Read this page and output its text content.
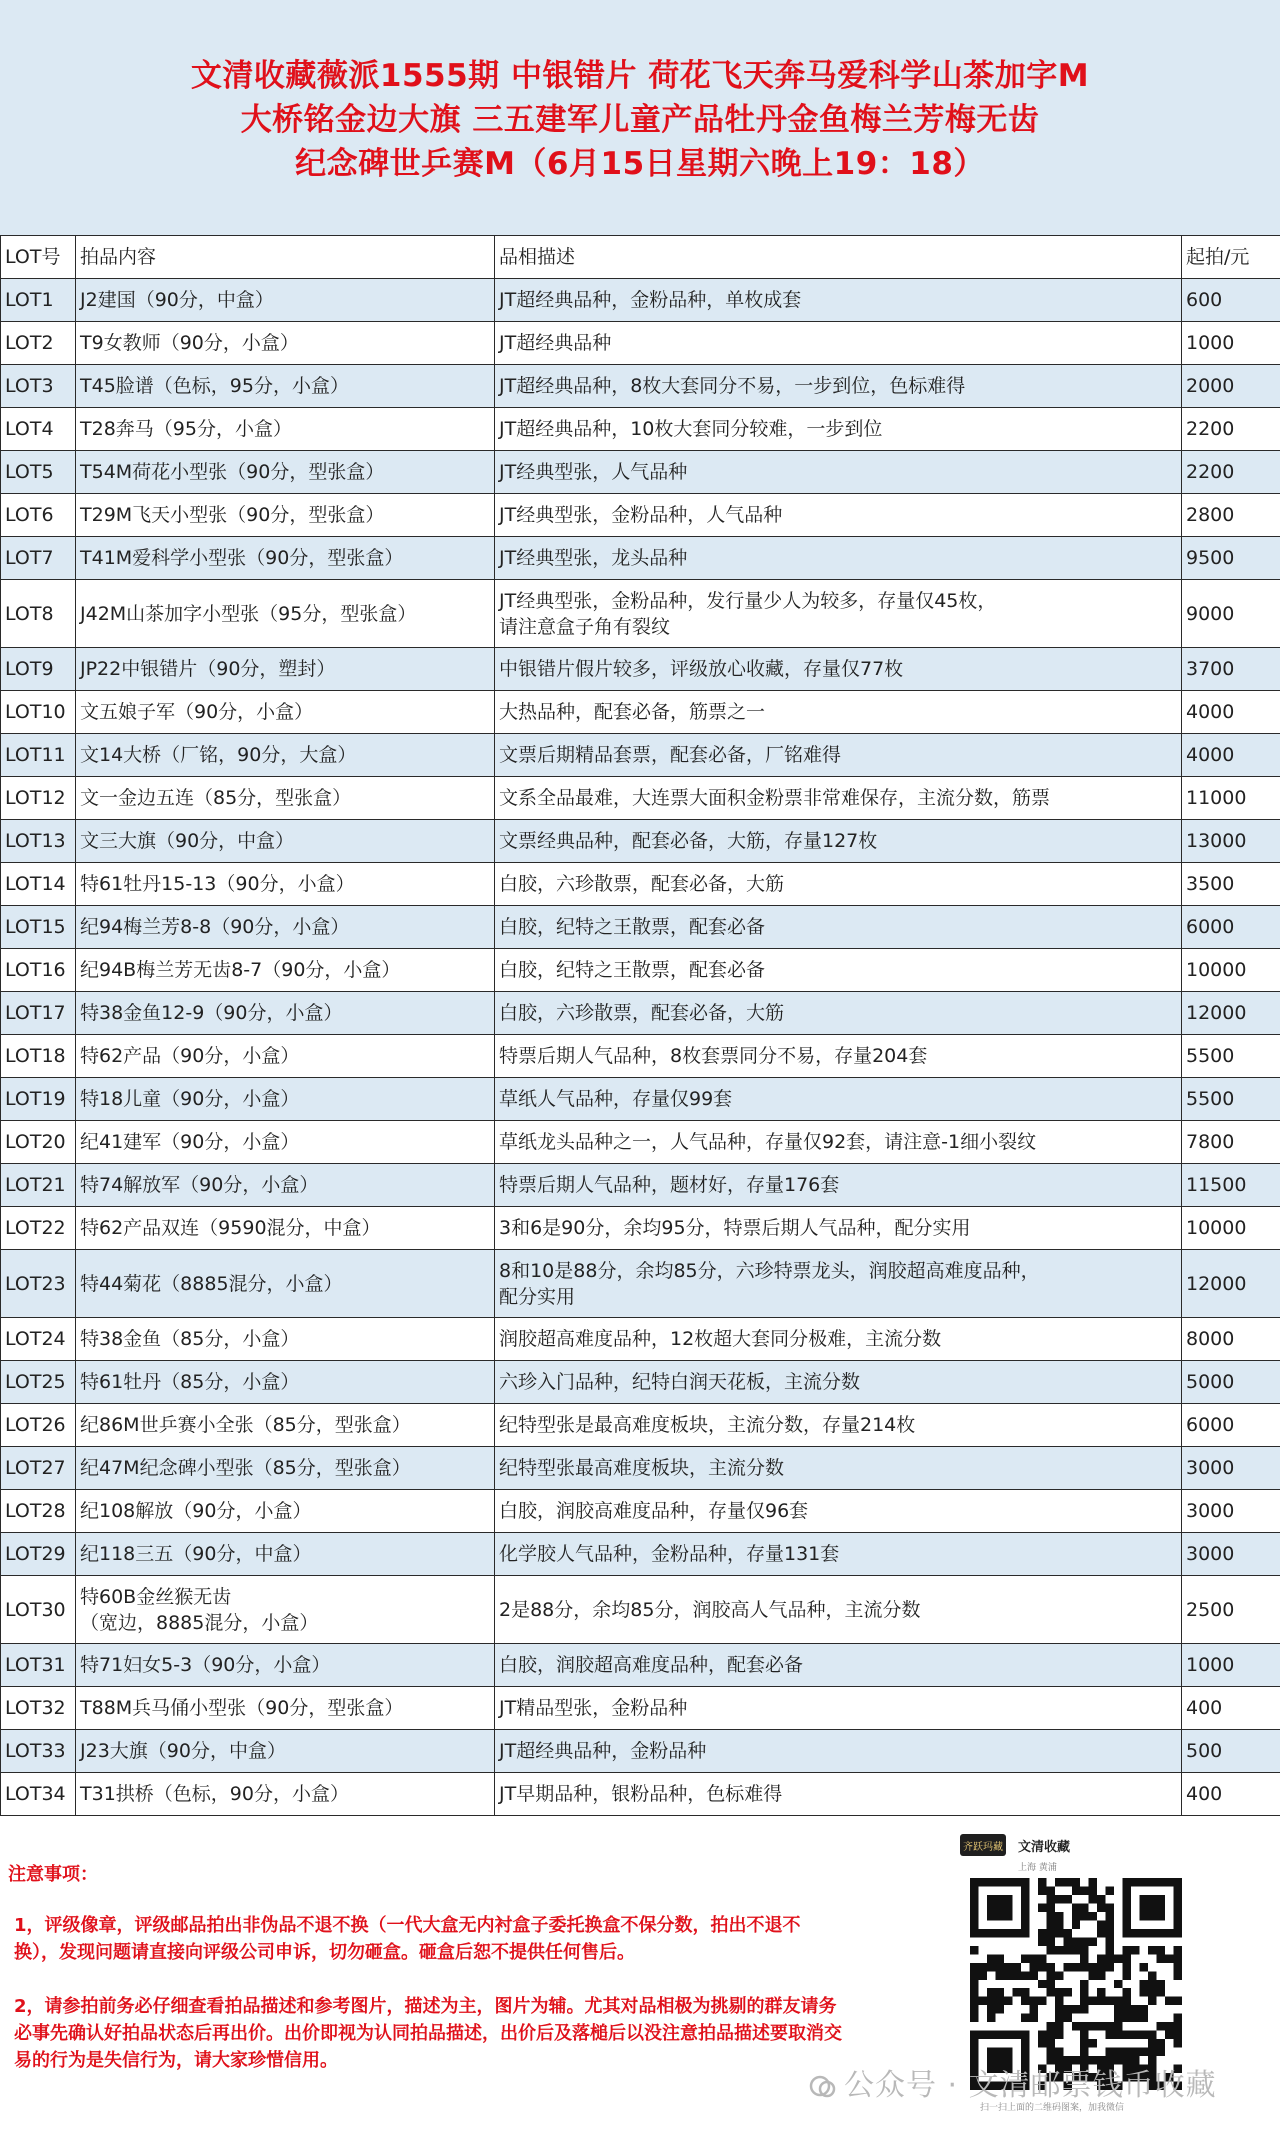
文清收藏薇派1555期 中银错片 荷花飞天奔马爱科学山茶加字M
大桥铭金边大旗 三五建军儿童产品牡丹金鱼梅兰芳梅无齿
纪念碑世乒赛M（6月15日星期六晚上19：18）
LOT号	拍品内容	品相描述	起拍/元
LOT1	J2建国（90分，中盒）	JT超经典品种，金粉品种，单枚成套	600
LOT2	T9女教师（90分，小盒）	JT超经典品种	1000
LOT3	T45脸谱（色标，95分，小盒）	JT超经典品种，8枚大套同分不易，一步到位，色标难得	2000
LOT4	T28奔马（95分，小盒）	JT超经典品种，10枚大套同分较难，一步到位	2200
LOT5	T54M荷花小型张（90分，型张盒）	JT经典型张，人气品种	2200
LOT6	T29M飞天小型张（90分，型张盒）	JT经典型张，金粉品种，人气品种	2800
LOT7	T41M爱科学小型张（90分，型张盒）	JT经典型张，龙头品种	9500
LOT8	J42M山茶加字小型张（95分，型张盒）	JT经典型张，金粉品种，发行量少人为较多，存量仅45枚，
请注意盒子角有裂纹	9000
LOT9	JP22中银错片（90分，塑封）	中银错片假片较多，评级放心收藏，存量仅77枚	3700
LOT10	文五娘子军（90分，小盒）	大热品种，配套必备，筋票之一	4000
LOT11	文14大桥（厂铭，90分，大盒）	文票后期精品套票，配套必备，厂铭难得	4000
LOT12	文一金边五连（85分，型张盒）	文系全品最难，大连票大面积金粉票非常难保存，主流分数，筋票	11000
LOT13	文三大旗（90分，中盒）	文票经典品种，配套必备，大筋，存量127枚	13000
LOT14	特61牡丹15-13（90分，小盒）	白胶，六珍散票，配套必备，大筋	3500
LOT15	纪94梅兰芳8-8（90分，小盒）	白胶，纪特之王散票，配套必备	6000
LOT16	纪94B梅兰芳无齿8-7（90分，小盒）	白胶，纪特之王散票，配套必备	10000
LOT17	特38金鱼12-9（90分，小盒）	白胶，六珍散票，配套必备，大筋	12000
LOT18	特62产品（90分，小盒）	特票后期人气品种，8枚套票同分不易，存量204套	5500
LOT19	特18儿童（90分，小盒）	草纸人气品种，存量仅99套	5500
LOT20	纪41建军（90分，小盒）	草纸龙头品种之一，人气品种，存量仅92套，请注意-1细小裂纹	7800
LOT21	特74解放军（90分，小盒）	特票后期人气品种，题材好，存量176套	11500
LOT22	特62产品双连（9590混分，中盒）	3和6是90分，余均95分，特票后期人气品种，配分实用	10000
LOT23	特44菊花（8885混分，小盒）	8和10是88分，余均85分，六珍特票龙头，润胶超高难度品种，
配分实用	12000
LOT24	特38金鱼（85分，小盒）	润胶超高难度品种，12枚超大套同分极难，主流分数	8000
LOT25	特61牡丹（85分，小盒）	六珍入门品种，纪特白润天花板，主流分数	5000
LOT26	纪86M世乒赛小全张（85分，型张盒）	纪特型张是最高难度板块，主流分数，存量214枚	6000
LOT27	纪47M纪念碑小型张（85分，型张盒）	纪特型张最高难度板块，主流分数	3000
LOT28	纪108解放（90分，小盒）	白胶，润胶高难度品种，存量仅96套	3000
LOT29	纪118三五（90分，中盒）	化学胶人气品种，金粉品种，存量131套	3000
LOT30	特60B金丝猴无齿
（宽边，8885混分，小盒）	2是88分，余均85分，润胶高人气品种，主流分数	2500
LOT31	特71妇女5-3（90分，小盒）	白胶，润胶超高难度品种，配套必备	1000
LOT32	T88M兵马俑小型张（90分，型张盒）	JT精品型张，金粉品种	400
LOT33	J23大旗（90分，中盒）	JT超经典品种，金粉品种	500
LOT34	T31拱桥（色标，90分，小盒）	JT早期品种，银粉品种，色标难得	400
注意事项：
1，评级像章，评级邮品拍出非伪品不退不换（一代大盒无内衬盒子委托换盒不保分数，拍出不退不换），发现问题请直接向评级公司申诉，切勿砸盒。砸盒后恕不提供任何售后。
2，请参拍前务必仔细查看拍品描述和参考图片，描述为主，图片为辅。尤其对品相极为挑剔的群友请务必事先确认好拍品状态后再出价。出价即视为认同拍品描述，出价后及落槌后以没注意拍品描述要取消交易的行为是失信行为，请大家珍惜信用。
齐跃玛藏 文清收藏
上海 黄浦
扫一扫上面的二维码图案，加我微信
公众号 · 文清邮票钱币收藏
